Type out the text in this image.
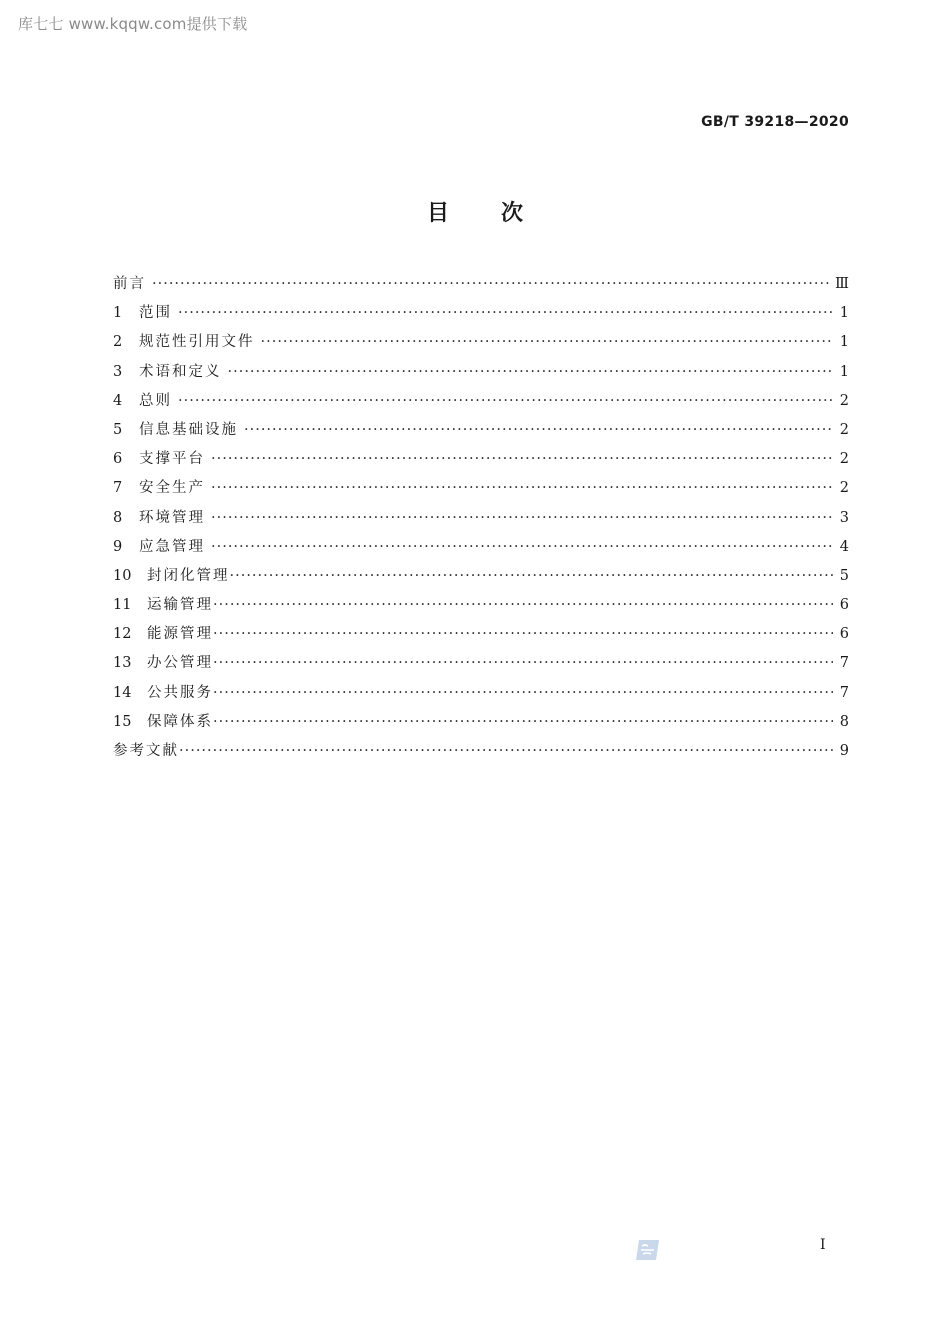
库七七 www.kqqw.com提供下载
GB/T 39218—2020
目 次
前言 ·····	Ⅲ
1	范围 ·····	1
2	规范性引用文件 ·····	1
3	术语和定义 ·····	1
4	总则 ·····	2
5	信息基础设施 ·····	2
6	支撑平台 ·····	2
7	安全生产 ·····	2
8	环境管理 ·····	3
9	应急管理 ·····	4
10	封闭化管理 ·····	5
11	运输管理 ·····	6
12	能源管理 ·····	6
13	办公管理 ·····	7
14	公共服务 ·····	7
15	保障体系 ·····	8
参考文献 ·····	9
I
